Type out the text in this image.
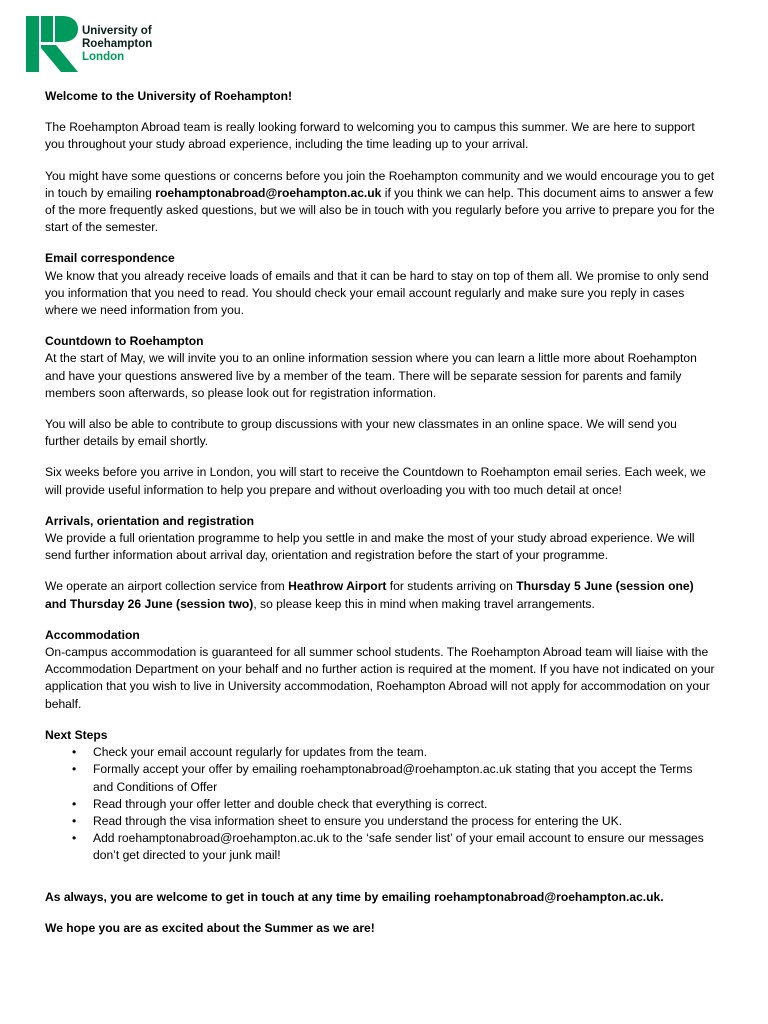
University of
Roehampton
London

Welcome to the University of Roehampton!

The Roehampton Abroad team is really looking forward to welcoming you to campus this summer. We are here to support you throughout your study abroad experience, including the time leading up to your arrival.

You might have some questions or concerns before you join the Roehampton community and we would encourage you to get in touch by emailing roehamptonabroad@roehampton.ac.uk if you think we can help. This document aims to answer a few of the more frequently asked questions, but we will also be in touch with you regularly before you arrive to prepare you for the start of the semester.

Email correspondence
We know that you already receive loads of emails and that it can be hard to stay on top of them all. We promise to only send you information that you need to read. You should check your email account regularly and make sure you reply in cases where we need information from you.

Countdown to Roehampton
At the start of May, we will invite you to an online information session where you can learn a little more about Roehampton and have your questions answered live by a member of the team. There will be separate session for parents and family members soon afterwards, so please look out for registration information.

You will also be able to contribute to group discussions with your new classmates in an online space. We will send you further details by email shortly.

Six weeks before you arrive in London, you will start to receive the Countdown to Roehampton email series. Each week, we will provide useful information to help you prepare and without overloading you with too much detail at once!

Arrivals, orientation and registration
We provide a full orientation programme to help you settle in and make the most of your study abroad experience. We will send further information about arrival day, orientation and registration before the start of your programme.

We operate an airport collection service from Heathrow Airport for students arriving on Thursday 5 June (session one) and Thursday 26 June (session two), so please keep this in mind when making travel arrangements.

Accommodation
On-campus accommodation is guaranteed for all summer school students. The Roehampton Abroad team will liaise with the Accommodation Department on your behalf and no further action is required at the moment. If you have not indicated on your application that you wish to live in University accommodation, Roehampton Abroad will not apply for accommodation on your behalf.

Next Steps
• Check your email account regularly for updates from the team.
• Formally accept your offer by emailing roehamptonabroad@roehampton.ac.uk stating that you accept the Terms and Conditions of Offer
• Read through your offer letter and double check that everything is correct.
• Read through the visa information sheet to ensure you understand the process for entering the UK.
• Add roehamptonabroad@roehampton.ac.uk to the ‘safe sender list’ of your email account to ensure our messages don’t get directed to your junk mail!

As always, you are welcome to get in touch at any time by emailing roehamptonabroad@roehampton.ac.uk.

We hope you are as excited about the Summer as we are!
